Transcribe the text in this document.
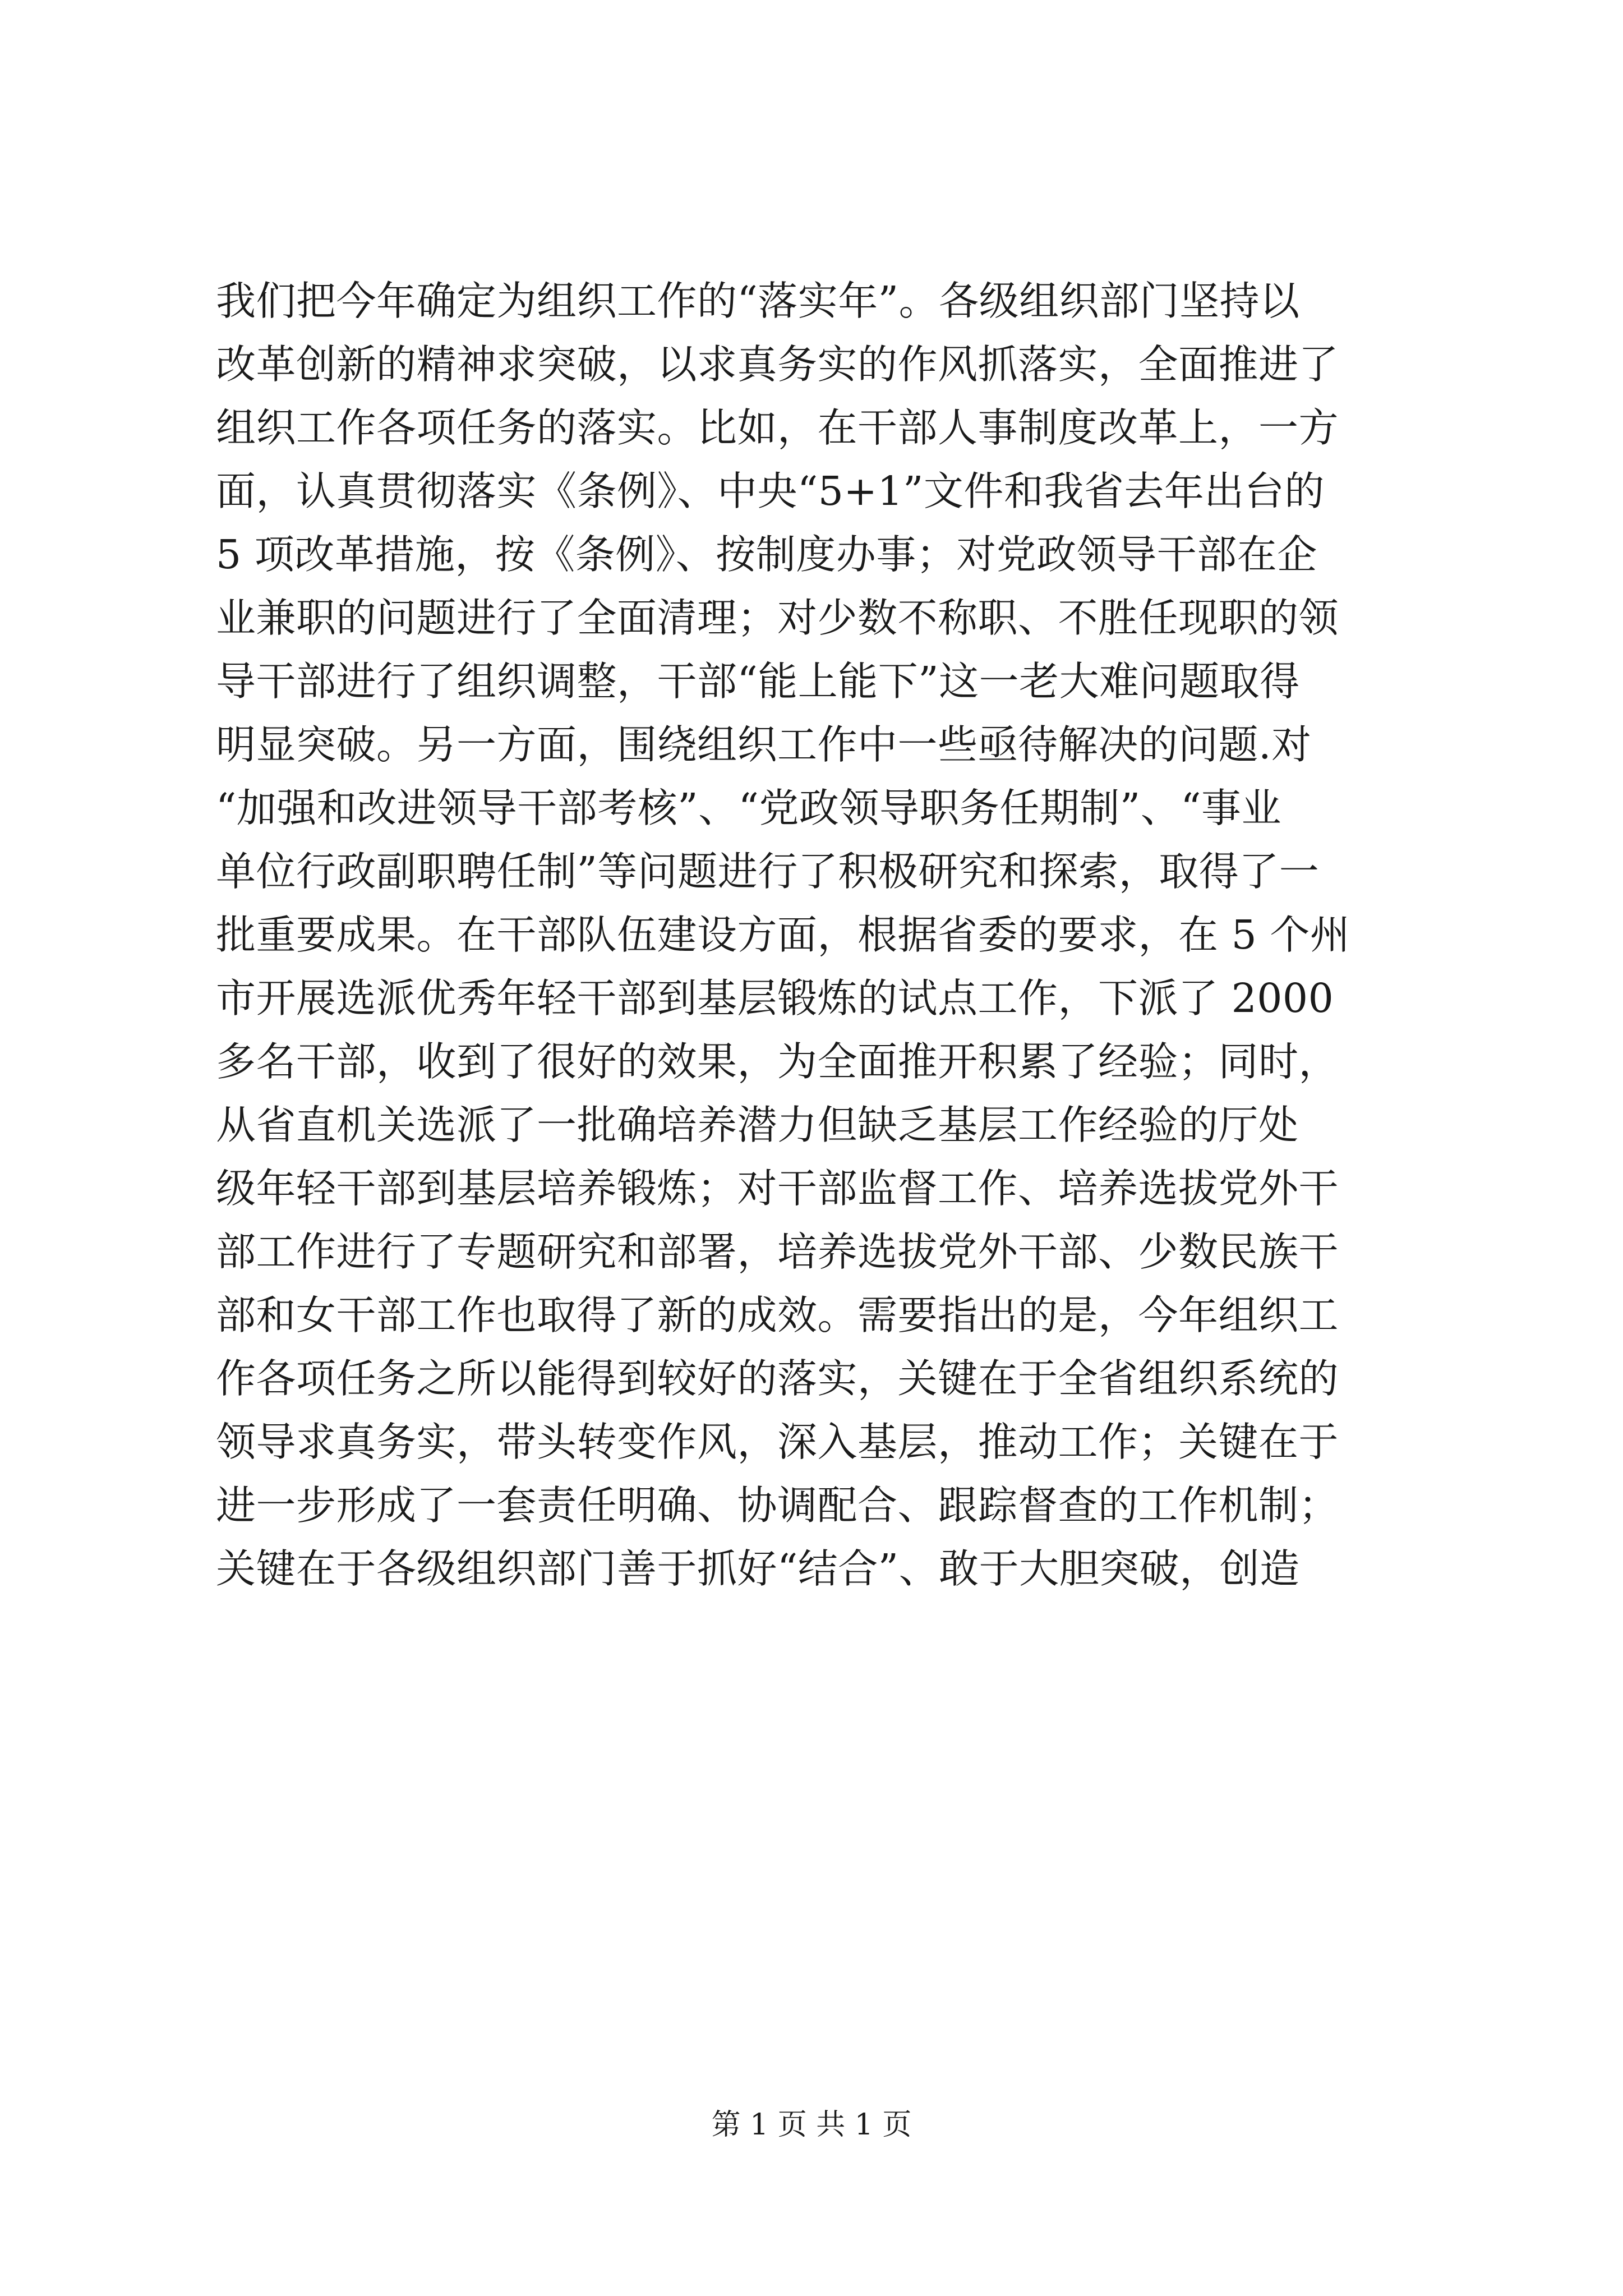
我们把今年确定为组织工作的“落实年”。各级组织部门坚持以
改革创新的精神求突破，以求真务实的作风抓落实，全面推进了
组织工作各项任务的落实。比如，在干部人事制度改革上，一方
面，认真贯彻落实《条例》、中央“5+1”文件和我省去年出台的
5 项改革措施，按《条例》、按制度办事；对党政领导干部在企
业兼职的问题进行了全面清理；对少数不称职、不胜任现职的领
导干部进行了组织调整，干部“能上能下”这一老大难问题取得
明显突破。另一方面，围绕组织工作中一些亟待解决的问题.对
“加强和改进领导干部考核”、“党政领导职务任期制”、“事业
单位行政副职聘任制”等问题进行了积极研究和探索，取得了一
批重要成果。在干部队伍建设方面，根据省委的要求，在 5 个州
市开展选派优秀年轻干部到基层锻炼的试点工作，下派了 2000
多名干部，收到了很好的效果，为全面推开积累了经验；同时，
从省直机关选派了一批确培养潜力但缺乏基层工作经验的厅处
级年轻干部到基层培养锻炼；对干部监督工作、培养选拔党外干
部工作进行了专题研究和部署，培养选拔党外干部、少数民族干
部和女干部工作也取得了新的成效。需要指出的是，今年组织工
作各项任务之所以能得到较好的落实，关键在于全省组织系统的
领导求真务实，带头转变作风，深入基层，推动工作；关键在于
进一步形成了一套责任明确、协调配合、跟踪督查的工作机制；
关键在于各级组织部门善于抓好“结合”、敢于大胆突破，创造
第 1 页 共 1 页
